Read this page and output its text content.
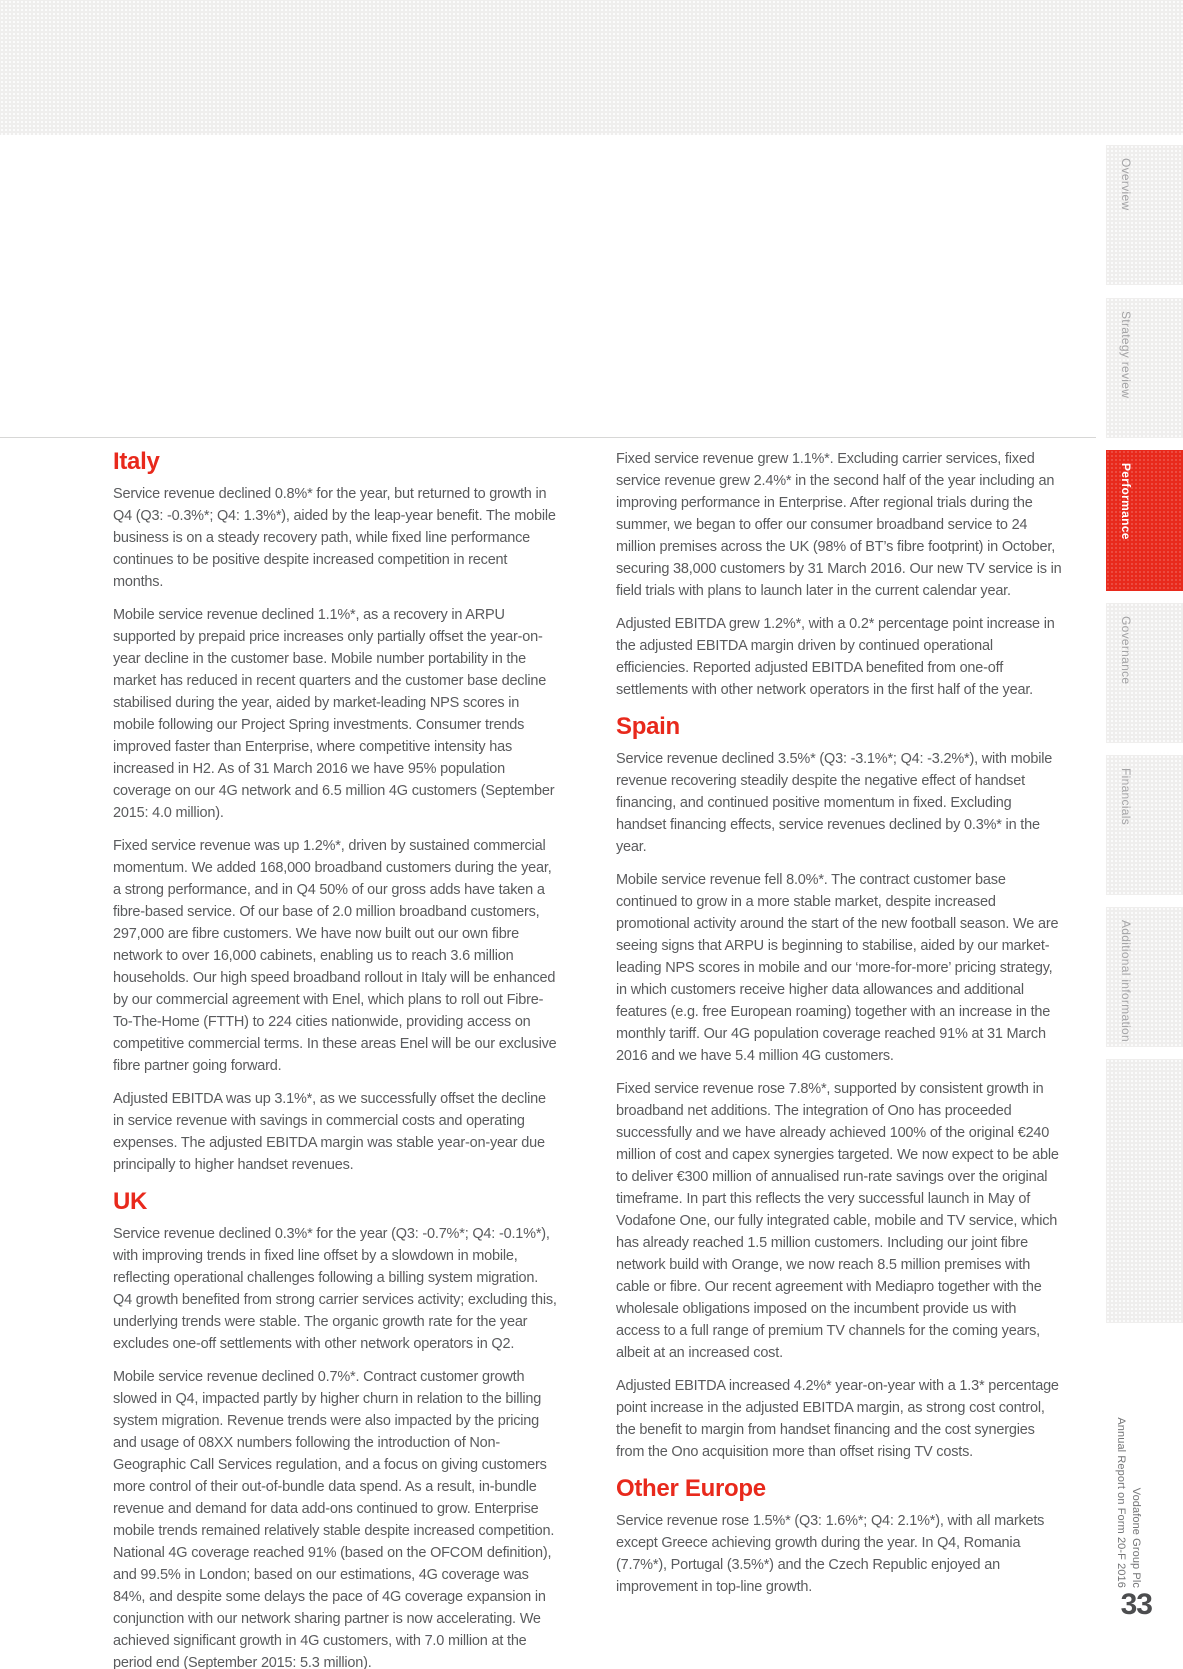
Italy

Service revenue declined 0.8%* for the year, but returned to growth in Q4 (Q3: -0.3%*; Q4: 1.3%*), aided by the leap-year benefit. The mobile business is on a steady recovery path, while fixed line performance continues to be positive despite increased competition in recent months.

Mobile service revenue declined 1.1%*, as a recovery in ARPU supported by prepaid price increases only partially offset the year-on-year decline in the customer base. Mobile number portability in the market has reduced in recent quarters and the customer base decline stabilised during the year, aided by market-leading NPS scores in mobile following our Project Spring investments. Consumer trends improved faster than Enterprise, where competitive intensity has increased in H2. As of 31 March 2016 we have 95% population coverage on our 4G network and 6.5 million 4G customers (September 2015: 4.0 million).

Fixed service revenue was up 1.2%*, driven by sustained commercial momentum. We added 168,000 broadband customers during the year, a strong performance, and in Q4 50% of our gross adds have taken a fibre-based service. Of our base of 2.0 million broadband customers, 297,000 are fibre customers. We have now built out our own fibre network to over 16,000 cabinets, enabling us to reach 3.6 million households. Our high speed broadband rollout in Italy will be enhanced by our commercial agreement with Enel, which plans to roll out Fibre-To-The-Home (FTTH) to 224 cities nationwide, providing access on competitive commercial terms. In these areas Enel will be our exclusive fibre partner going forward.

Adjusted EBITDA was up 3.1%*, as we successfully offset the decline in service revenue with savings in commercial costs and operating expenses. The adjusted EBITDA margin was stable year-on-year due principally to higher handset revenues.

UK

Service revenue declined 0.3%* for the year (Q3: -0.7%*; Q4: -0.1%*), with improving trends in fixed line offset by a slowdown in mobile, reflecting operational challenges following a billing system migration. Q4 growth benefited from strong carrier services activity; excluding this, underlying trends were stable. The organic growth rate for the year excludes one-off settlements with other network operators in Q2.

Mobile service revenue declined 0.7%*. Contract customer growth slowed in Q4, impacted partly by higher churn in relation to the billing system migration. Revenue trends were also impacted by the pricing and usage of 08XX numbers following the introduction of Non-Geographic Call Services regulation, and a focus on giving customers more control of their out-of-bundle data spend. As a result, in-bundle revenue and demand for data add-ons continued to grow. Enterprise mobile trends remained relatively stable despite increased competition. National 4G coverage reached 91% (based on the OFCOM definition), and 99.5% in London; based on our estimations, 4G coverage was 84%, and despite some delays the pace of 4G coverage expansion in conjunction with our network sharing partner is now accelerating. We achieved significant growth in 4G customers, with 7.0 million at the period end (September 2015: 5.3 million).

Fixed service revenue grew 1.1%*. Excluding carrier services, fixed service revenue grew 2.4%* in the second half of the year including an improving performance in Enterprise. After regional trials during the summer, we began to offer our consumer broadband service to 24 million premises across the UK (98% of BT’s fibre footprint) in October, securing 38,000 customers by 31 March 2016. Our new TV service is in field trials with plans to launch later in the current calendar year.

Adjusted EBITDA grew 1.2%*, with a 0.2* percentage point increase in the adjusted EBITDA margin driven by continued operational efficiencies. Reported adjusted EBITDA benefited from one-off settlements with other network operators in the first half of the year.

Spain

Service revenue declined 3.5%* (Q3: -3.1%*; Q4: -3.2%*), with mobile revenue recovering steadily despite the negative effect of handset financing, and continued positive momentum in fixed. Excluding handset financing effects, service revenues declined by 0.3%* in the year.

Mobile service revenue fell 8.0%*. The contract customer base continued to grow in a more stable market, despite increased promotional activity around the start of the new football season. We are seeing signs that ARPU is beginning to stabilise, aided by our market-leading NPS scores in mobile and our ‘more-for-more’ pricing strategy, in which customers receive higher data allowances and additional features (e.g. free European roaming) together with an increase in the monthly tariff. Our 4G population coverage reached 91% at 31 March 2016 and we have 5.4 million 4G customers.

Fixed service revenue rose 7.8%*, supported by consistent growth in broadband net additions. The integration of Ono has proceeded successfully and we have already achieved 100% of the original €240 million of cost and capex synergies targeted. We now expect to be able to deliver €300 million of annualised run-rate savings over the original timeframe. In part this reflects the very successful launch in May of Vodafone One, our fully integrated cable, mobile and TV service, which has already reached 1.5 million customers. Including our joint fibre network build with Orange, we now reach 8.5 million premises with cable or fibre. Our recent agreement with Mediapro together with the wholesale obligations imposed on the incumbent provide us with access to a full range of premium TV channels for the coming years, albeit at an increased cost.

Adjusted EBITDA increased 4.2%* year-on-year with a 1.3* percentage point increase in the adjusted EBITDA margin, as strong cost control, the benefit to margin from handset financing and the cost synergies from the Ono acquisition more than offset rising TV costs.

Other Europe

Service revenue rose 1.5%* (Q3: 1.6%*; Q4: 2.1%*), with all markets except Greece achieving growth during the year. In Q4, Romania (7.7%*), Portugal (3.5%*) and the Czech Republic enjoyed an improvement in top-line growth.

Overview
Strategy review
Performance
Governance
Financials
Additional information
Vodafone Group Plc
Annual Report on Form 20-F 2016
33
